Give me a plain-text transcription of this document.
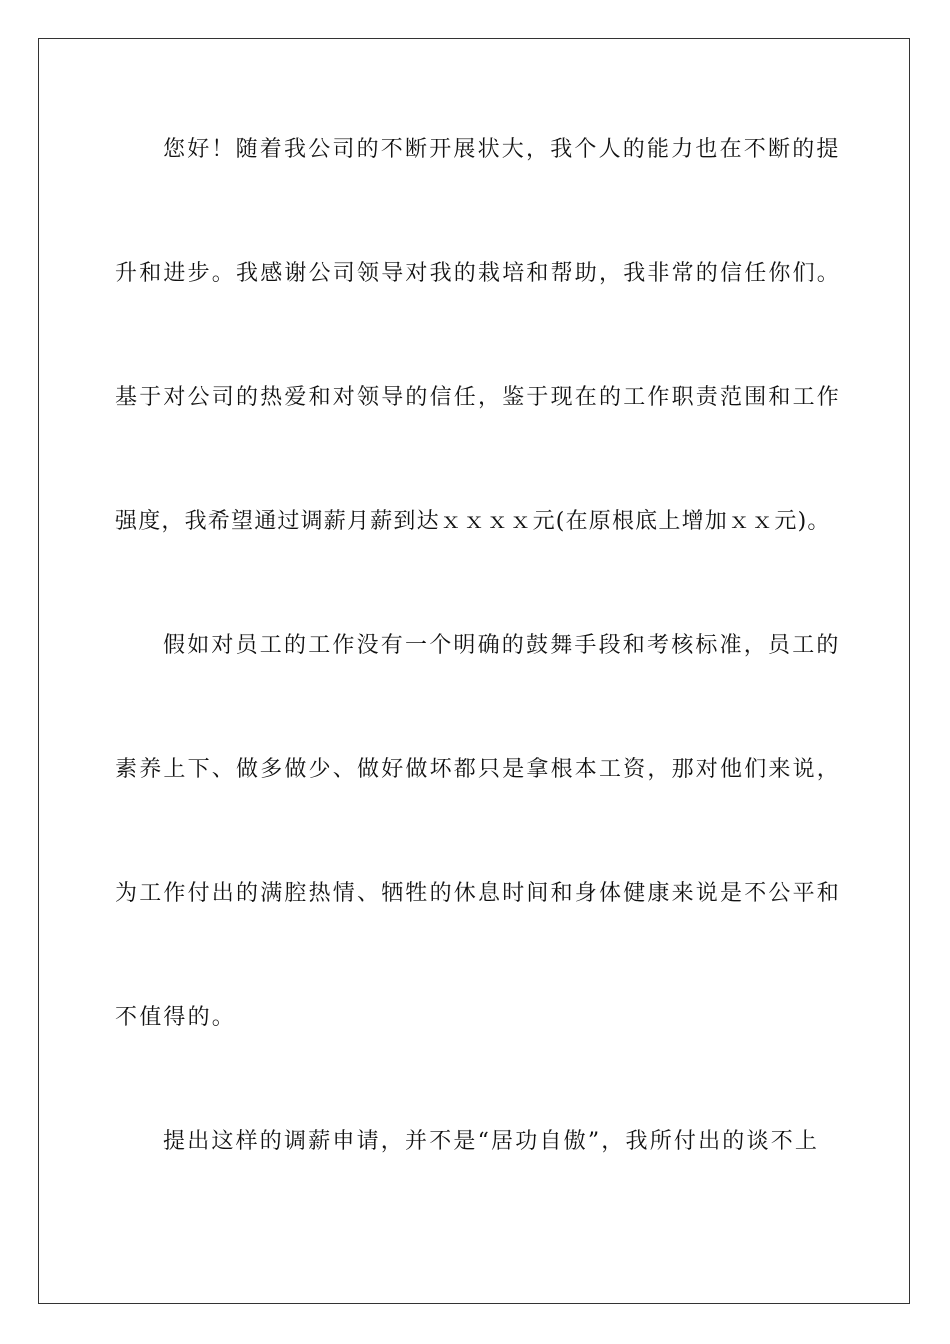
您好！随着我公司的不断开展状大，我个人的能力也在不断的提

升和进步。我感谢公司领导对我的栽培和帮助，我非常的信任你们。

基于对公司的热爱和对领导的信任，鉴于现在的工作职责范围和工作

强度，我希望通过调薪月薪到达ｘｘｘｘ元(在原根底上增加ｘｘ元)。

假如对员工的工作没有一个明确的鼓舞手段和考核标准，员工的

素养上下、做多做少、做好做坏都只是拿根本工资，那对他们来说，

为工作付出的满腔热情、牺牲的休息时间和身体健康来说是不公平和

不值得的。

提出这样的调薪申请，并不是“居功自傲”，我所付出的谈不上
